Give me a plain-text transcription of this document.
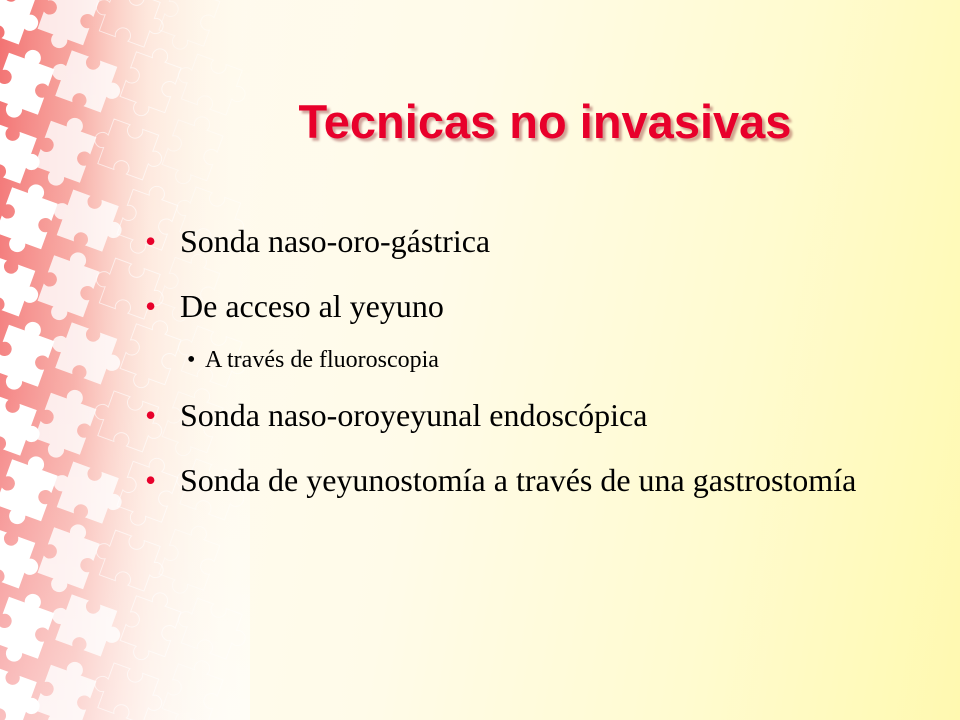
Tecnicas no invasivas
• Sonda naso-oro-gástrica
• De acceso al yeyuno
• A través de fluoroscopia
• Sonda naso-oroyeyunal endoscópica
• Sonda de yeyunostomía a través de una gastrostomía
